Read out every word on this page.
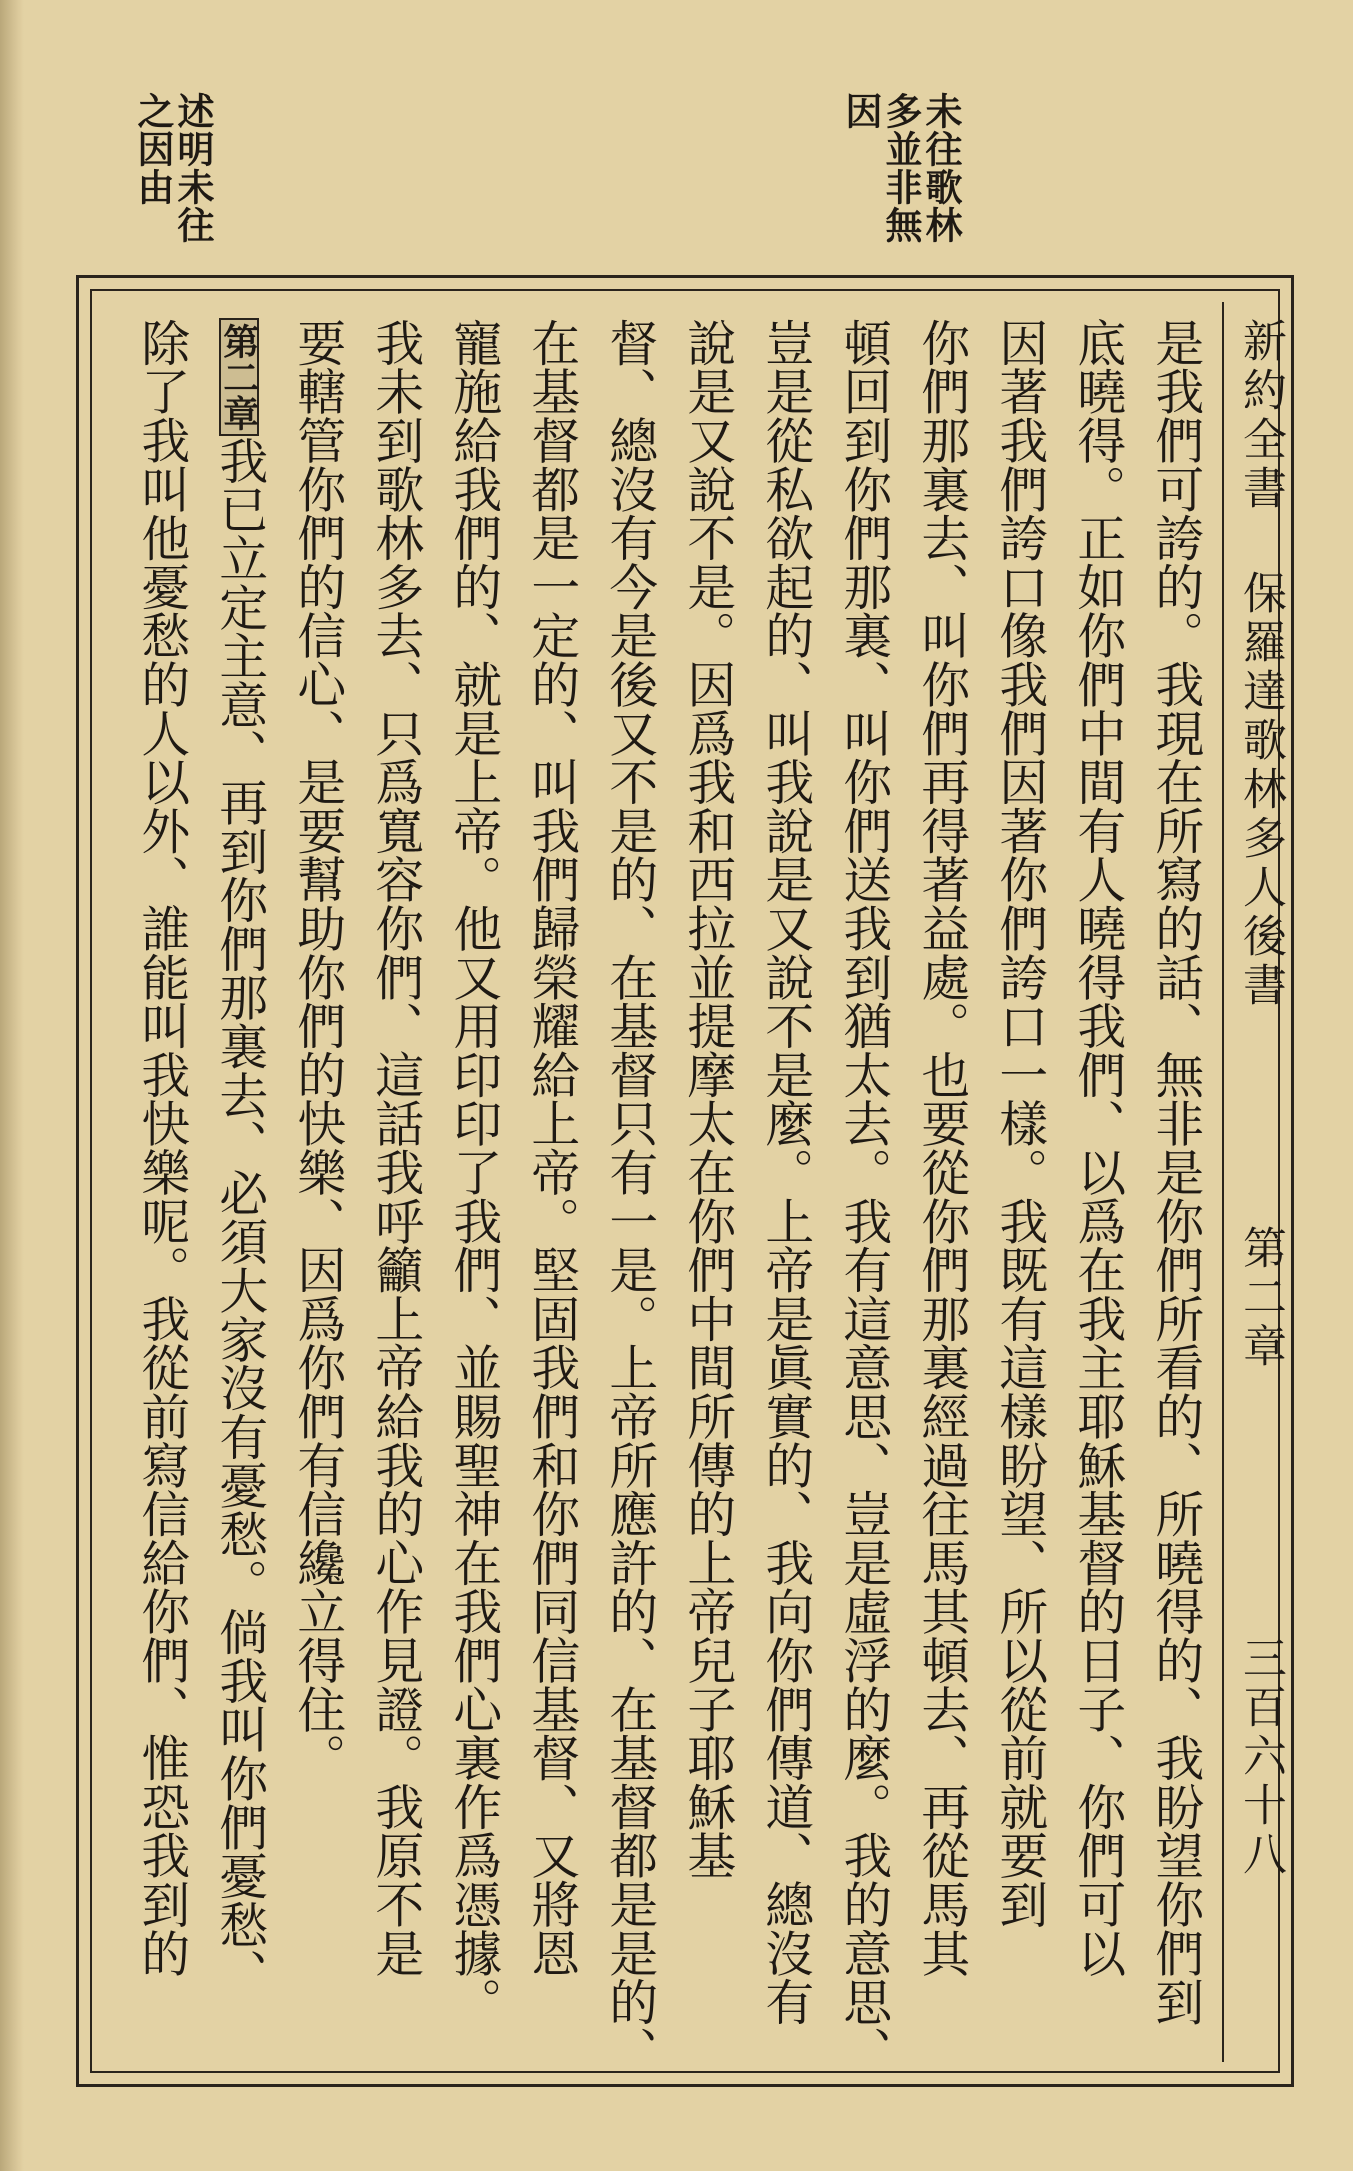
述明未往
之因由	未往歌林
多並非無
因
新約全書
保羅達歌林多人後書
第二章
三百六十八
是我們可誇的。我現在所寫的話、無非是你們所看的、所曉得的、我盼望你們到
底曉得。正如你們中間有人曉得我們、以爲在我主耶穌基督的日子、你們可以
因著我們誇口像我們因著你們誇口一樣。我既有這樣盼望、所以從前就要到
你們那裏去、叫你們再得著益處。也要從你們那裏經過往馬其頓去、再從馬其
頓回到你們那裏、叫你們送我到猶太去。我有這意思、豈是虛浮的麼。我的意思、
豈是從私欲起的、叫我說是又說不是麼。上帝是眞實的、我向你們傳道、總沒有
說是又說不是。因爲我和西拉並提摩太在你們中間所傳的上帝兒子耶穌基
督、總沒有今是後又不是的、在基督只有一是。上帝所應許的、在基督都是是的、
在基督都是一定的、叫我們歸榮耀給上帝。堅固我們和你們同信基督、又將恩
寵施給我們的、就是上帝。他又用印印了我們、並賜聖神在我們心裏作爲憑據。
我未到歌林多去、只爲寬容你們、這話我呼籲上帝給我的心作見證。我原不是
要轄管你們的信心、是要幫助你們的快樂、因爲你們有信纔立得住。
第二章我已立定主意、再到你們那裏去、必須大家沒有憂愁。倘我叫你們憂愁、
除了我叫他憂愁的人以外、誰能叫我快樂呢。我從前寫信給你們、惟恐我到的
